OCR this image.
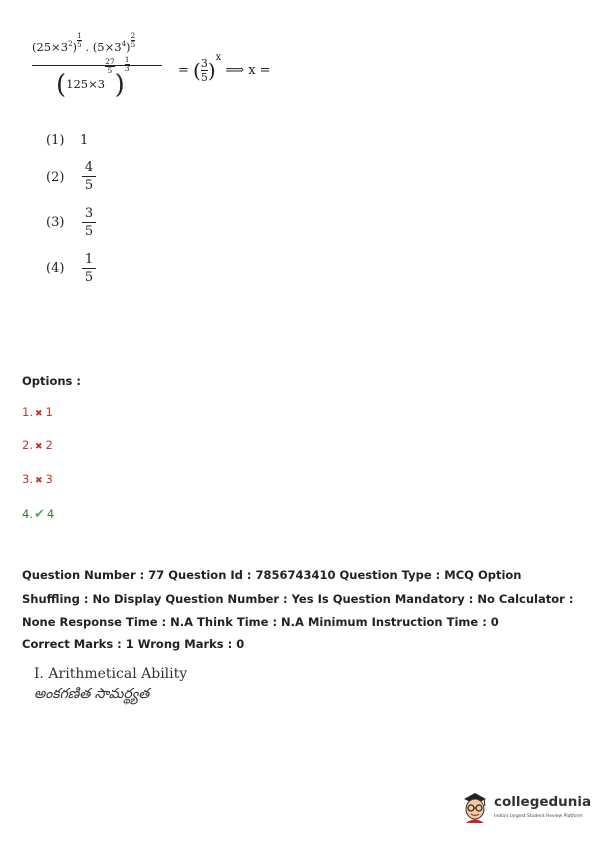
$(25\times 3^2)\frac{1}{5}$ . $(5\times 3^4)\frac{2}{5}$
($125\times 3\frac{27}{5}$
)$\frac{1}{3}$	= $(\frac{3}{5} )^x$ ⟹ x =
(1) 1
(2)	$\frac{4}{5}$
(3)	$\frac{3}{5}$
(4)	$\frac{1}{5}$
Options :
1. ✖ 1
2. ✖ 2
3. ✖ 3
4.✔ 4
Question Number : 77 Question Id : 7856743410 Question Type : MCQ Option Shuffling : No Display Question Number : Yes Is Question Mandatory : No Calculator : None Response Time : N.A Think Time : N.A Minimum Instruction Time : 0
Correct Marks : 1 Wrong Marks : 0
I. Arithmetical Ability
అంకగణిత సామర్థ్యత
collegedunia
India's largest Student Review Platform
